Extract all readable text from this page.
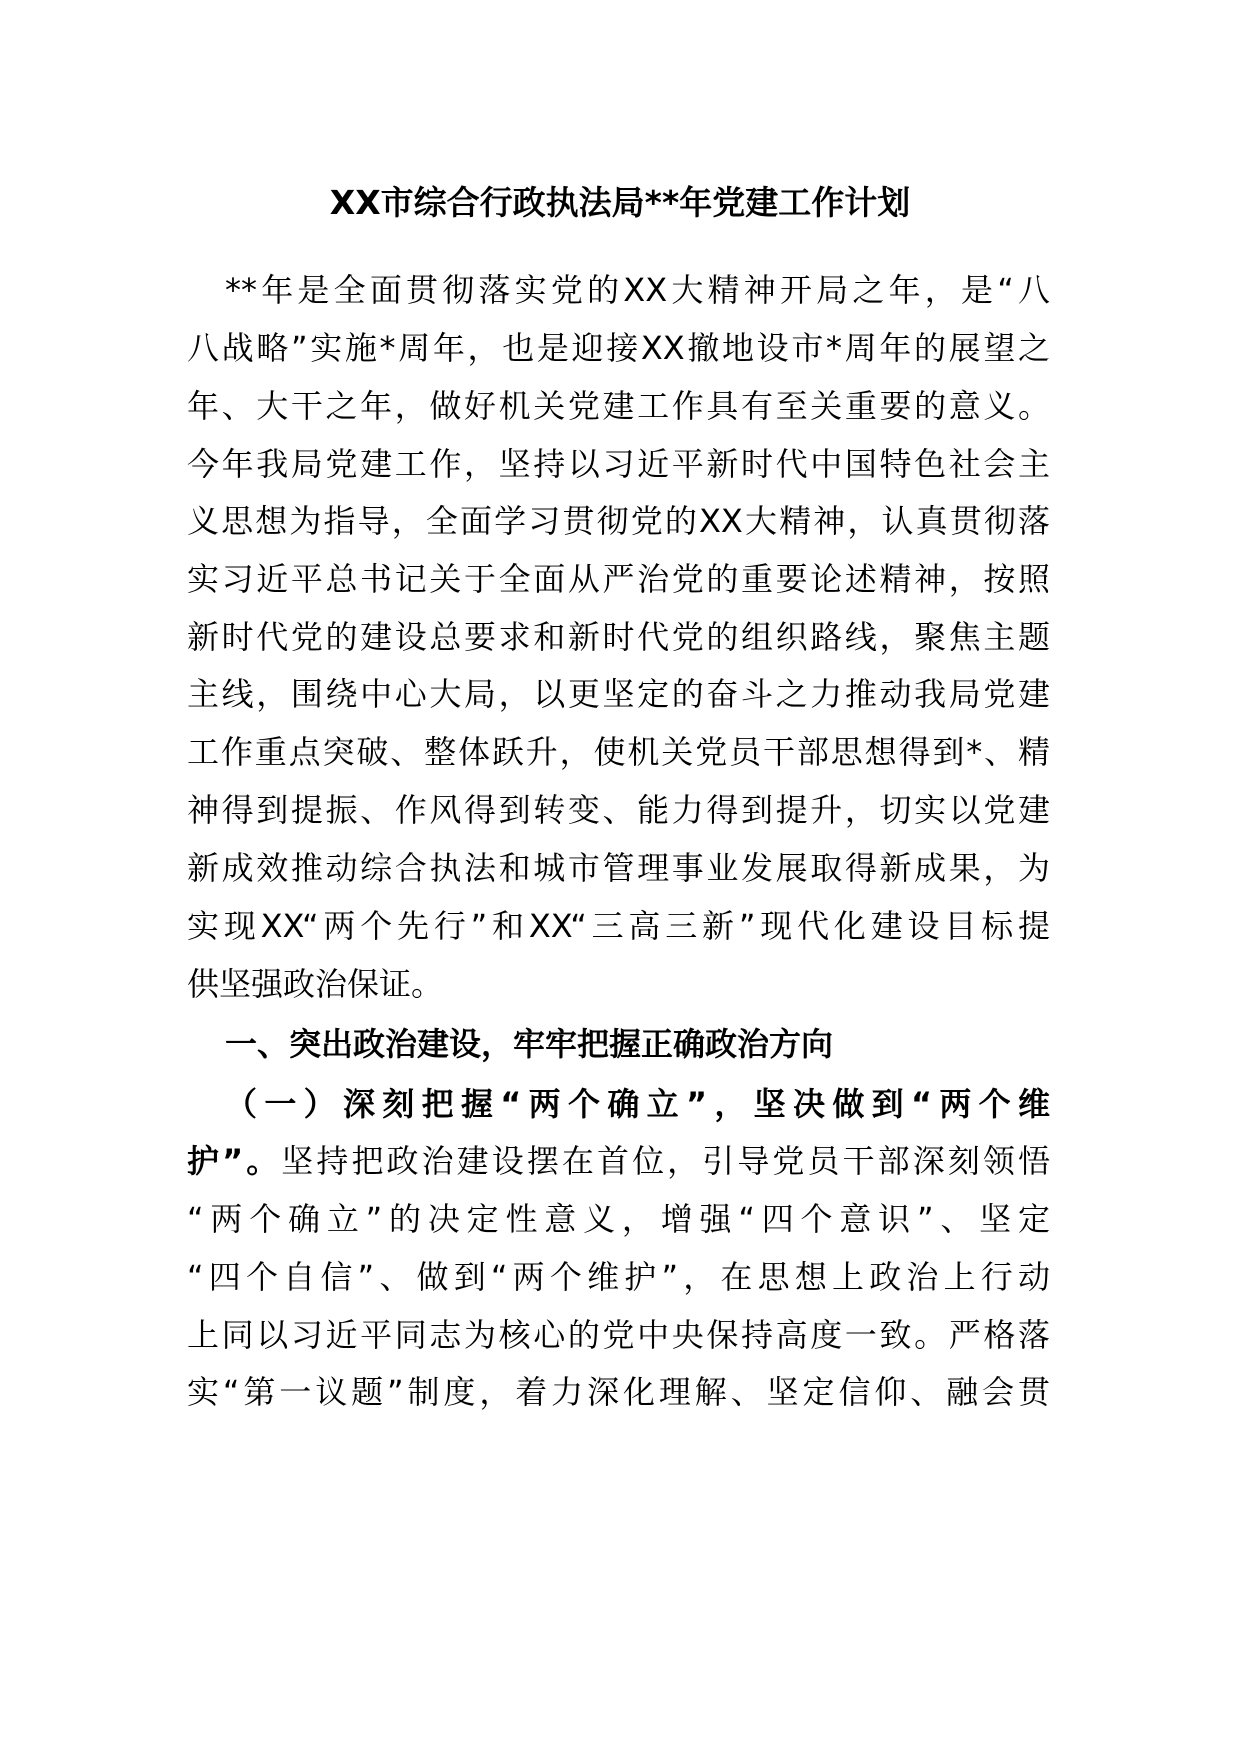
XX市综合行政执法局**年党建工作计划
**年是全面贯彻落实党的XX大精神开局之年，是“八
八战略”实施*周年，也是迎接XX撤地设市*周年的展望之
年、大干之年，做好机关党建工作具有至关重要的意义。
今年我局党建工作，坚持以习近平新时代中国特色社会主
义思想为指导，全面学习贯彻党的XX大精神，认真贯彻落
实习近平总书记关于全面从严治党的重要论述精神，按照
新时代党的建设总要求和新时代党的组织路线，聚焦主题
主线，围绕中心大局，以更坚定的奋斗之力推动我局党建
工作重点突破、整体跃升，使机关党员干部思想得到*、精
神得到提振、作风得到转变、能力得到提升，切实以党建
新成效推动综合执法和城市管理事业发展取得新成果，为
实现XX“两个先行”和XX“三高三新”现代化建设目标提
供坚强政治保证。
一、突出政治建设，牢牢把握正确政治方向
（一）深刻把握“两个确立”，坚决做到“两个维
护”。坚持把政治建设摆在首位，引导党员干部深刻领悟
“两个确立”的决定性意义，增强“四个意识”、坚定
“四个自信”、做到“两个维护”，在思想上政治上行动
上同以习近平同志为核心的党中央保持高度一致。严格落
实“第一议题”制度，着力深化理解、坚定信仰、融会贯
